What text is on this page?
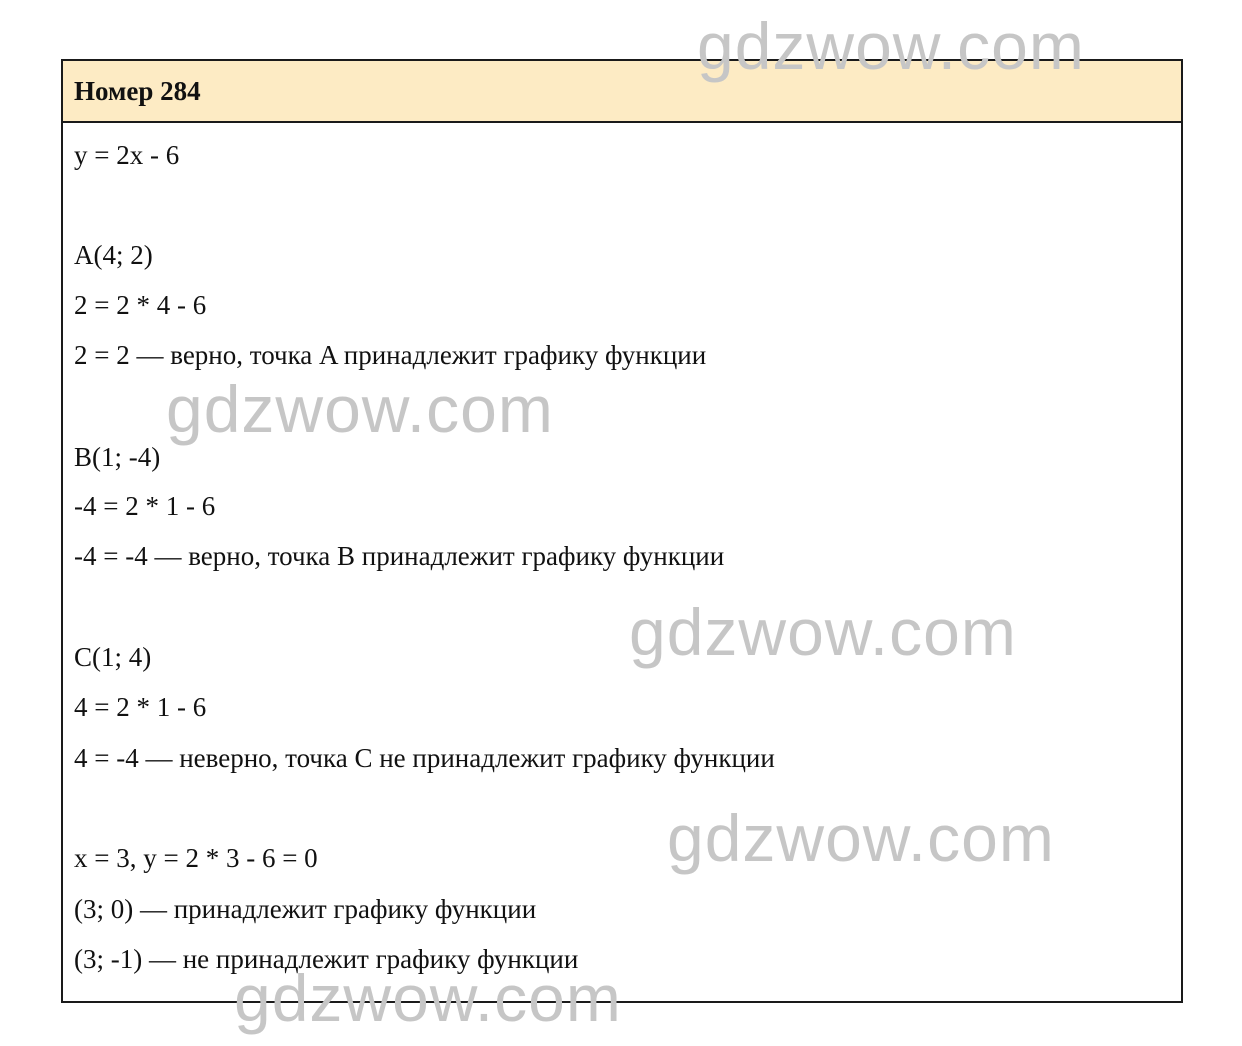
Номер 284
y = 2x - 6
A(4; 2)
2 = 2 * 4 - 6
2 = 2 — верно, точка A принадлежит графику функции
B(1; -4)
-4 = 2 * 1 - 6
-4 = -4 — верно, точка B принадлежит графику функции
C(1; 4)
4 = 2 * 1 - 6
4 = -4 — неверно, точка C не принадлежит графику функции
x = 3, y = 2 * 3 - 6 = 0
(3; 0) — принадлежит графику функции
(3; -1) — не принадлежит графику функции
gdzwow.com
gdzwow.com
gdzwow.com
gdzwow.com
gdzwow.com
